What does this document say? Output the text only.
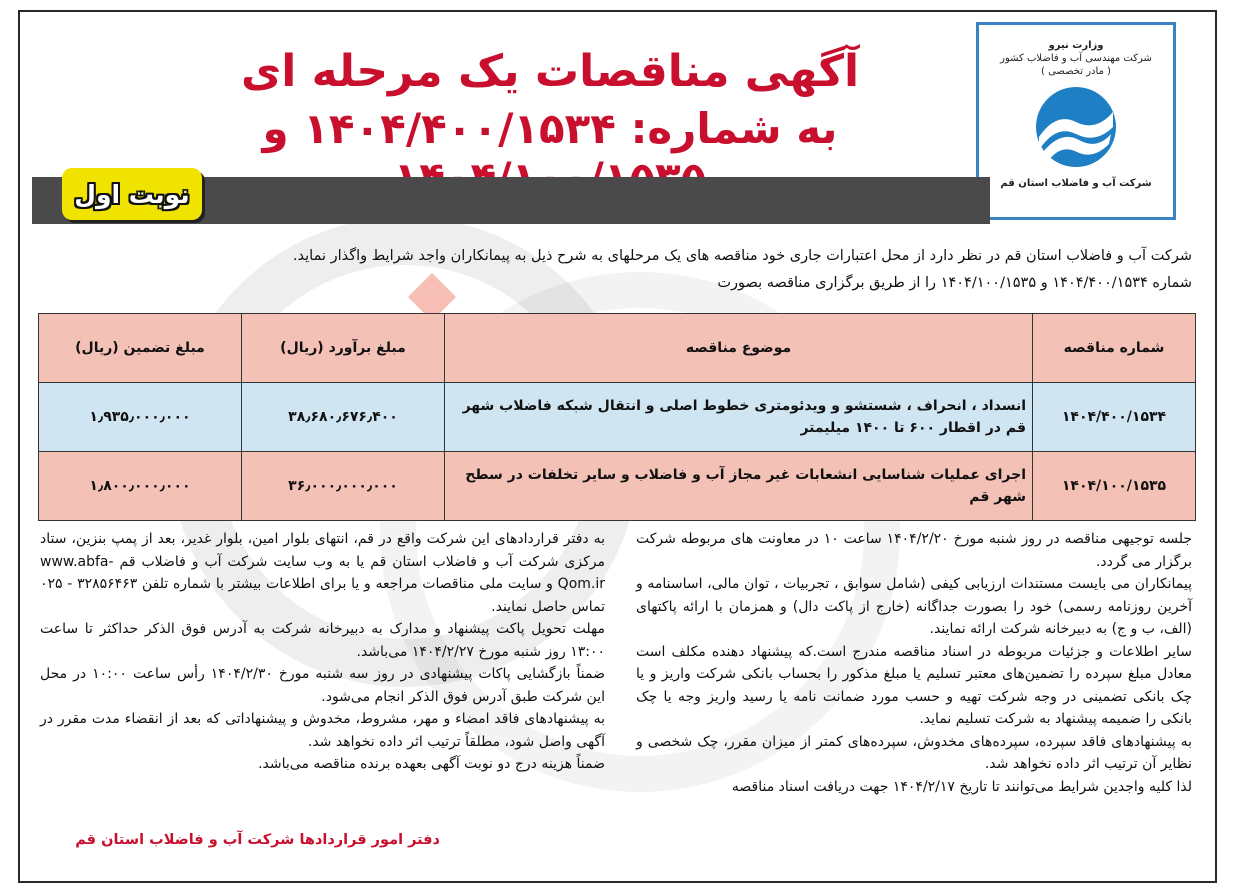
وزارت نیرو
شرکت مهندسی آب و فاضلاب کشور
( مادر تخصصی )
شرکت آب و فاضلاب استان قم
آگهی مناقصات یک مرحله ای
به شماره: ۱۴۰۴/۴۰۰/۱۵۳۴ و
نوبت اول
شرکت آب و فاضلاب استان قم در نظر دارد از محل اعتبارات جاری خود مناقصه های یک مرحلهای به شرح ذیل به پیمانکاران واجد شرایط واگذار نماید.
شماره ۱۴۰۴/۴۰۰/۱۵۳۴ و ۱۴۰۴/۱۰۰/۱۵۳۵ را از طریق برگزاری مناقصه بصورت
شماره مناقصه	موضوع مناقصه	مبلغ برآورد (ریال)	مبلغ تضمین (ریال)
۱۴۰۴/۴۰۰/۱۵۳۴	انسداد ، انحراف ، شستشو و ویدئومتری خطوط اصلی و انتقال شبکه فاضلاب شهر قم در اقطار ۶۰۰ تا ۱۴۰۰ میلیمتر	۳۸٫۶۸۰٫۶۷۶٫۴۰۰	۱٫۹۳۵٫۰۰۰٫۰۰۰
۱۴۰۴/۱۰۰/۱۵۳۵	اجرای عملیات شناسایی انشعابات غیر مجاز آب و فاضلاب و سایر تخلفات در سطح شهر قم	۳۶٫۰۰۰٫۰۰۰٫۰۰۰	۱٫۸۰۰٫۰۰۰٫۰۰۰

جلسه توجیهی مناقصه در روز شنبه مورخ ۱۴۰۴/۲/۲۰ ساعت ۱۰ در معاونت های مربوطه شرکت برگزار می گردد.

پیمانکاران می بایست مستندات ارزیابی کیفی (شامل سوابق ، تجربیات ، توان مالی، اساسنامه و آخرین روزنامه رسمی) خود را بصورت جداگانه (خارج از پاکت دال) و همزمان با ارائه پاکتهای (الف، ب و ج) به دبیرخانه شرکت ارائه نمایند.

سایر اطلاعات و جزئیات مربوطه در اسناد مناقصه مندرج است.که پیشنهاد دهنده مکلف است معادل مبلغ سپرده را تضمین‌های معتبر تسلیم یا مبلغ مذکور را بحساب بانکی شرکت واریز و یا چک بانکی تضمینی در وجه شرکت تهیه و حسب مورد ضمانت نامه یا رسید واریز وجه یا چک بانکی را ضمیمه پیشنهاد به شرکت تسلیم نماید.

به پیشنهادهای فاقد سپرده، سپرده‌های مخدوش، سپرده‌های کمتر از میزان مقرر، چک شخصی و نظایر آن ترتیب اثر داده نخواهد شد.

لذا کلیه واجدین شرایط می‌توانند تا تاریخ ۱۴۰۴/۲/۱۷ جهت دریافت اسناد مناقصه

به دفتر قراردادهای این شرکت واقع در قم، انتهای بلوار امین، بلوار غدیر، بعد از پمپ بنزین، ستاد مرکزی شرکت آب و فاضلاب استان قم یا به وب سایت شرکت آب و فاضلاب قم www.abfa-Qom.ir و سایت ملی مناقصات مراجعه و یا برای اطلاعات بیشتر با شماره تلفن ۳۲۸۵۶۴۶۳ - ۰۲۵ تماس حاصل نمایند.

مهلت تحویل پاکت پیشنهاد و مدارک به دبیرخانه شرکت به آدرس فوق الذکر حداکثر تا ساعت ۱۳:۰۰ روز شنبه مورخ ۱۴۰۴/۲/۲۷ می‌باشد.

ضمناً بازگشایی پاکات پیشنهادی در روز سه شنبه مورخ ۱۴۰۴/۲/۳۰ رأس ساعت ۱۰:۰۰ در محل این شرکت طبق آدرس فوق الذکر انجام می‌شود.

به پیشنهادهای فاقد امضاء و مهر، مشروط، مخدوش و پیشنهاداتی که بعد از انقضاء مدت مقرر در آگهی واصل شود، مطلقاً ترتیب اثر داده نخواهد شد.

ضمناً هزینه درج دو نوبت آگهی بعهده برنده مناقصه می‌باشد.

دفتر امور قراردادها شرکت آب و فاضلاب استان قم
